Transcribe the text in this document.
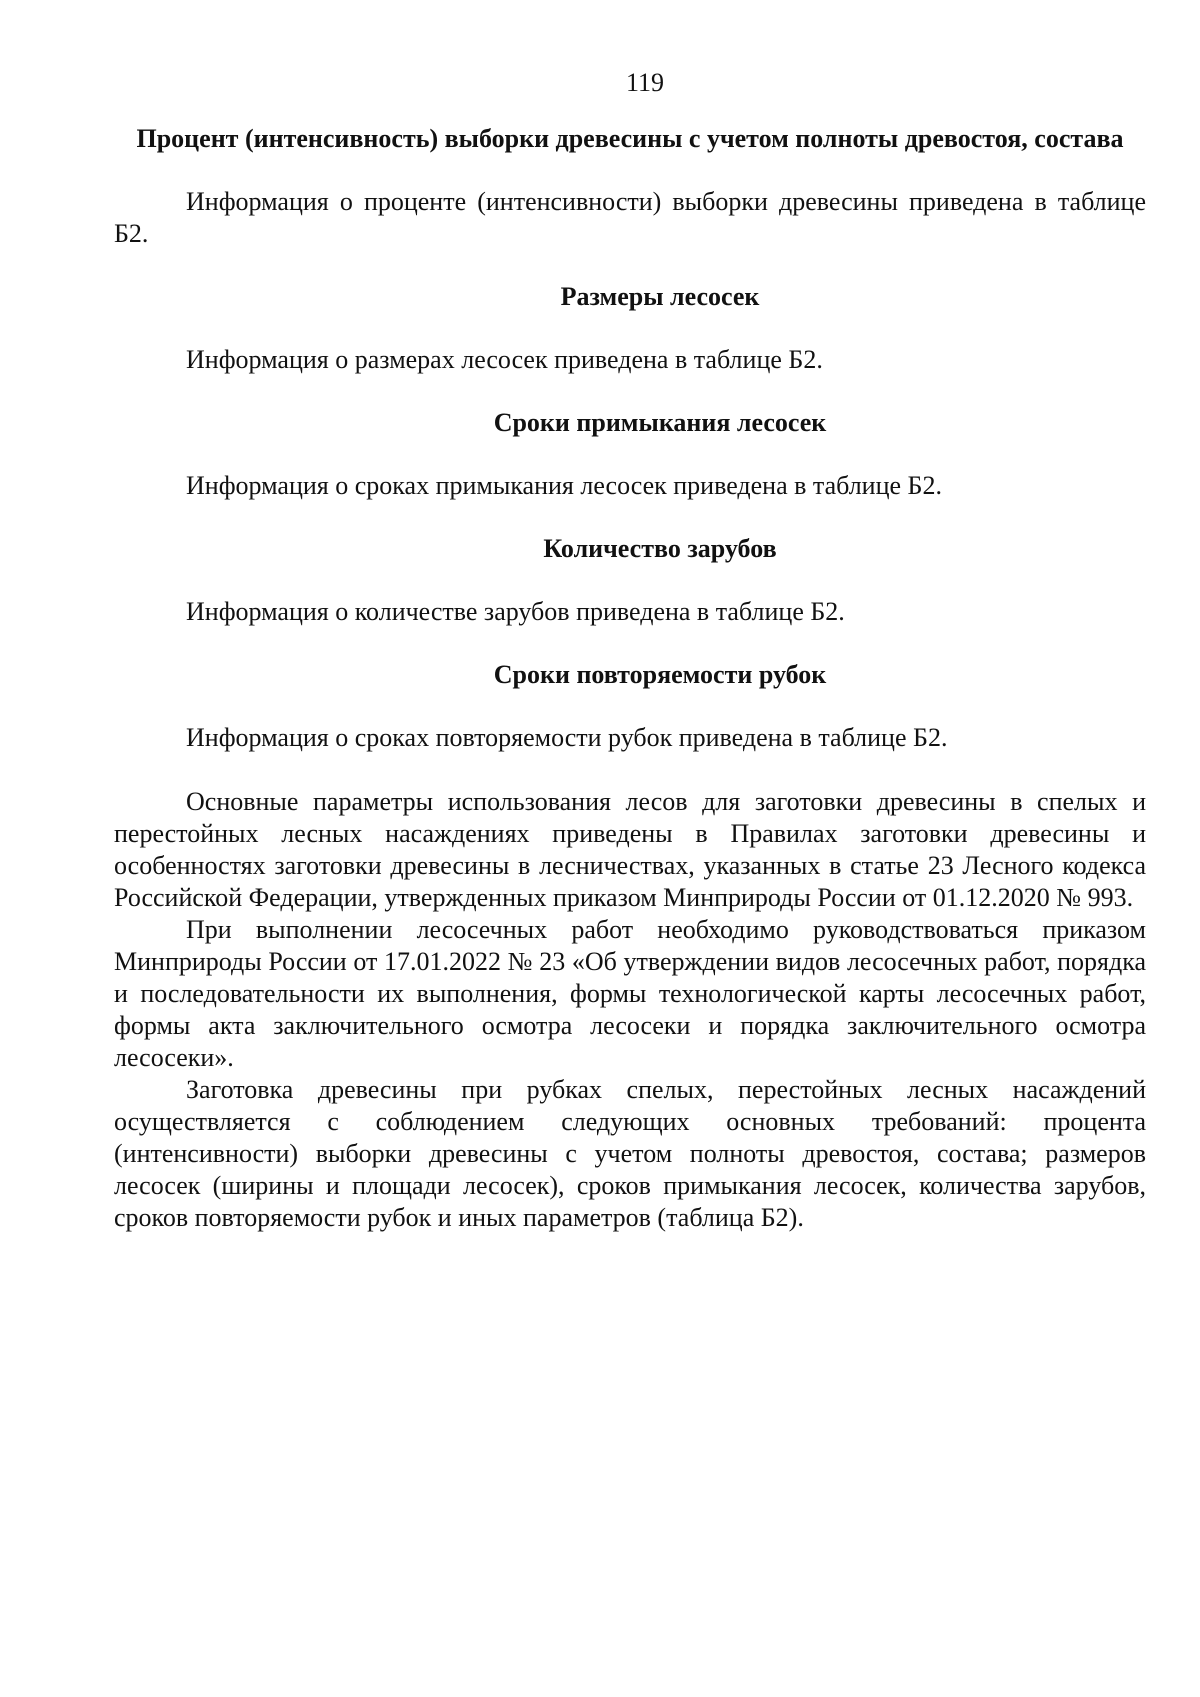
119
Процент (интенсивность) выборки древесины с учетом полноты древостоя, состава

Информация о проценте (интенсивности) выборки древесины приведена в таблице Б2.

Размеры лесосек

Информация о размерах лесосек приведена в таблице Б2.

Сроки примыкания лесосек

Информация о сроках примыкания лесосек приведена в таблице Б2.

Количество зарубов

Информация о количестве зарубов приведена в таблице Б2.

Сроки повторяемости рубок

Информация о сроках повторяемости рубок приведена в таблице Б2.

Основные параметры использования лесов для заготовки древесины в спелых и перестойных лесных насаждениях приведены в Правилах заготовки древесины и особенностях заготовки древесины в лесничествах, указанных в статье 23 Лесного кодекса Российской Федерации, утвержденных приказом Минприроды России от 01.12.2020 № 993.

При выполнении лесосечных работ необходимо руководствоваться приказом Минприроды России от 17.01.2022 № 23 «Об утверждении видов лесосечных работ, порядка и последовательности их выполнения, формы технологической карты лесосечных работ, формы акта заключительного осмотра лесосеки и порядка заключительного осмотра лесосеки».

Заготовка древесины при рубках спелых, перестойных лесных насаждений осуществляется с соблюдением следующих основных требований: процента (интенсивности) выборки древесины с учетом полноты древостоя, состава; размеров лесосек (ширины и площади лесосек), сроков примыкания лесосек, количества зарубов, сроков повторяемости рубок и иных параметров (таблица Б2).
